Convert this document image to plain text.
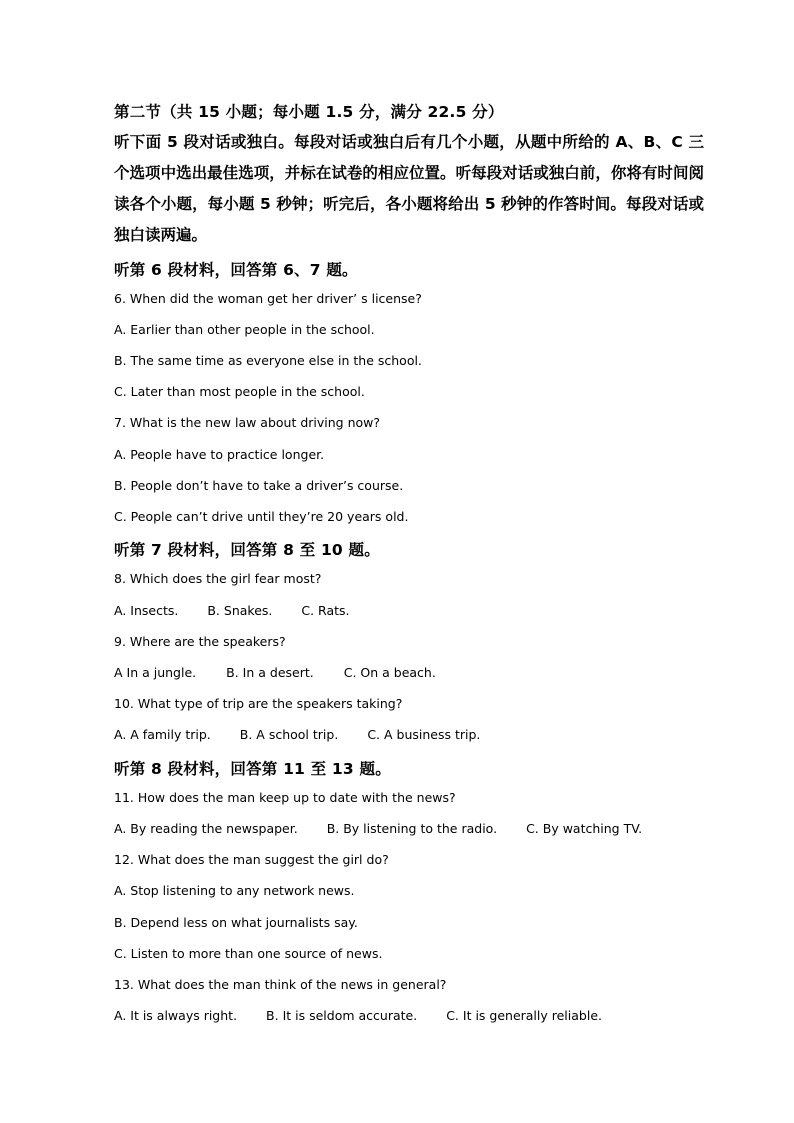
第二节（共 15 小题；每小题 1.5 分，满分 22.5 分）
听下面 5 段对话或独白。每段对话或独白后有几个小题，从题中所给的 A、B、C 三个选项中选出最佳选项，并标在试卷的相应位置。听每段对话或独白前，你将有时间阅读各个小题，每小题 5 秒钟；听完后，各小题将给出 5 秒钟的作答时间。每段对话或独白读两遍。
听第 6 段材料，回答第 6、7 题。
6. When did the woman get her driver’ s license?
A. Earlier than other people in the school.
B. The same time as everyone else in the school.
C. Later than most people in the school.
7. What is the new law about driving now?
A. People have to practice longer.
B. People don’t have to take a driver’s course.
C. People can’t drive until they’re 20 years old.
听第 7 段材料，回答第 8 至 10 题。
8. Which does the girl fear most?
A. Insects. B. Snakes. C. Rats.
9. Where are the speakers?
A In a jungle. B. In a desert. C. On a beach.
10. What type of trip are the speakers taking?
A. A family trip. B. A school trip. C. A business trip.
听第 8 段材料，回答第 11 至 13 题。
11. How does the man keep up to date with the news?
A. By reading the newspaper. B. By listening to the radio. C. By watching TV.
12. What does the man suggest the girl do?
A. Stop listening to any network news.
B. Depend less on what journalists say.
C. Listen to more than one source of news.
13. What does the man think of the news in general?
A. It is always right. B. It is seldom accurate. C. It is generally reliable.
